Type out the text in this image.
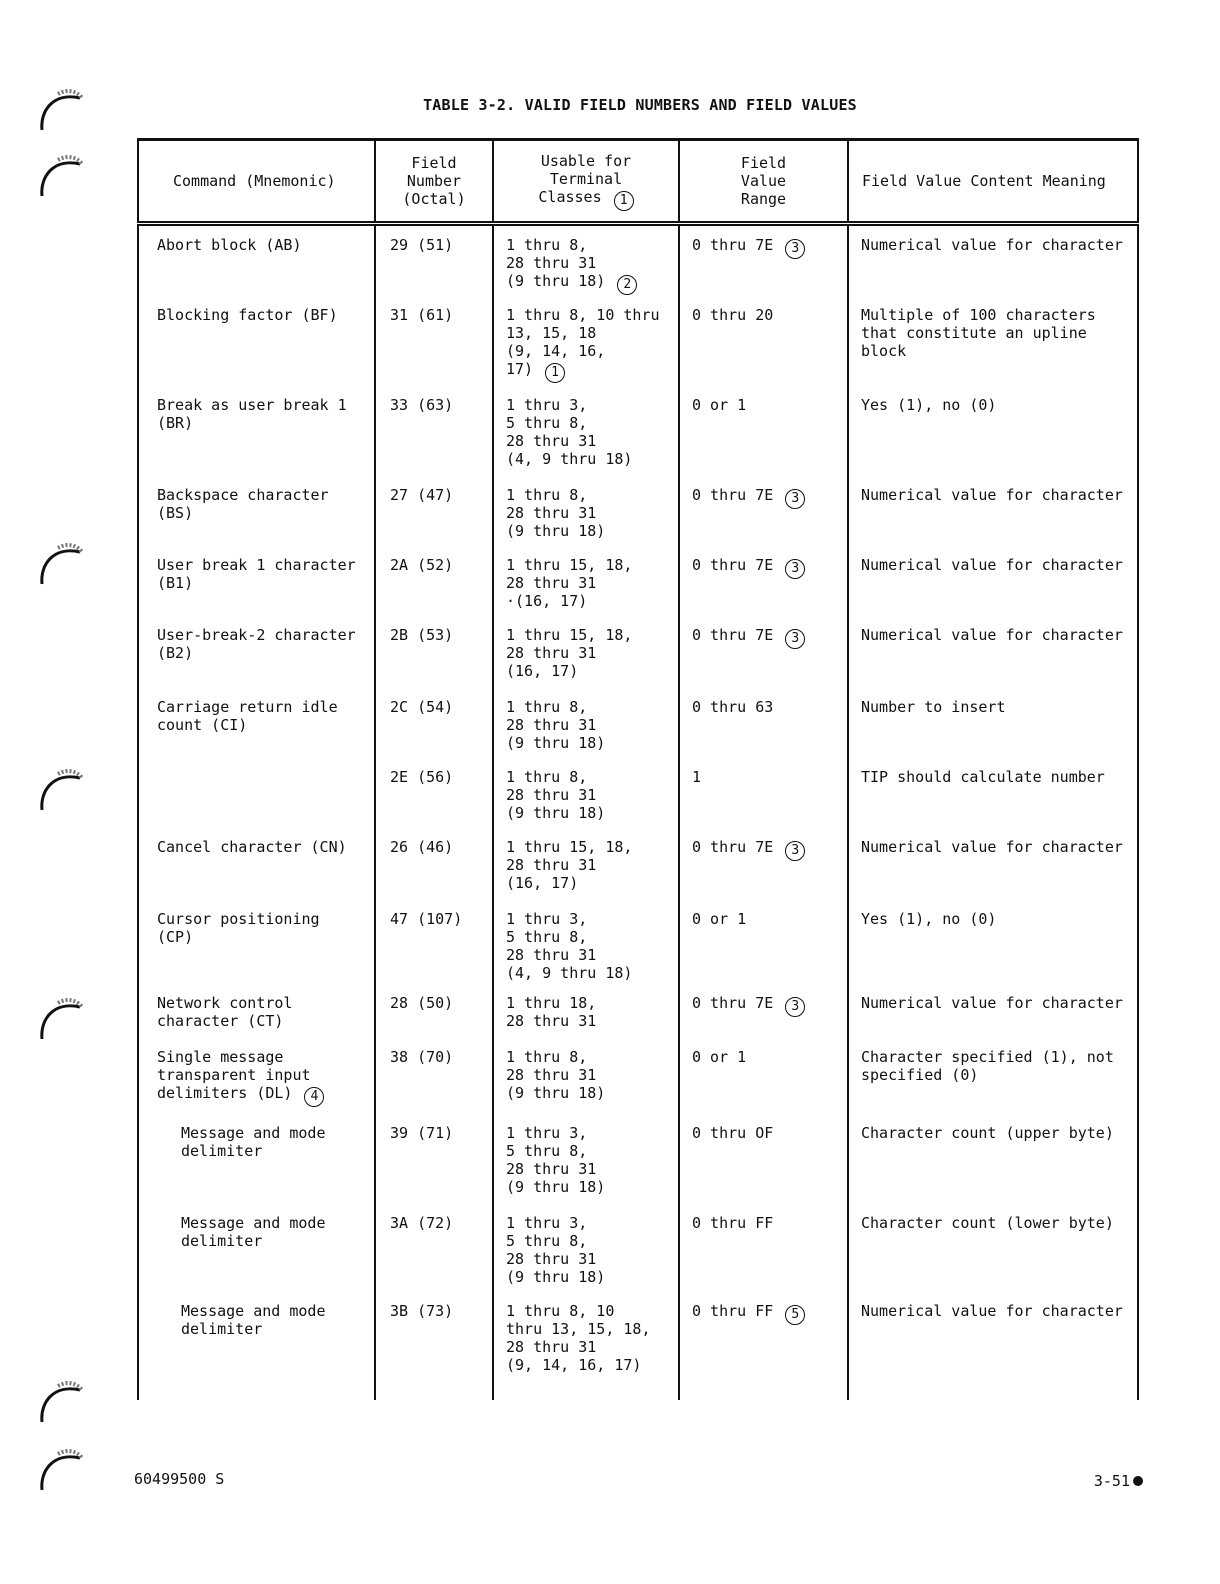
TABLE 3-2. VALID FIELD NUMBERS AND FIELD VALUES
Command (Mnemonic)	Field
Number
(Octal)	Usable for
Terminal
Classes 1	Field
Value
Range	Field Value Content Meaning
Abort block (AB)	29 (51)	1 thru 8,
28 thru 31
(9 thru 18) 2	0 thru 7E 3	Numerical value for character
Blocking factor (BF)	31 (61)	1 thru 8, 10 thru
13, 15, 18
(9, 14, 16,
17) 1	0 thru 20	Multiple of 100 characters
that constitute an upline
block
Break as user break 1
(BR)	33 (63)	1 thru 3,
5 thru 8,
28 thru 31
(4, 9 thru 18)	0 or 1	Yes (1), no (0)
Backspace character
(BS)	27 (47)	1 thru 8,
28 thru 31
(9 thru 18)	0 thru 7E 3	Numerical value for character
User break 1 character
(B1)	2A (52)	1 thru 15, 18,
28 thru 31
·(16, 17)	0 thru 7E 3	Numerical value for character
User-break-2 character
(B2)	2B (53)	1 thru 15, 18,
28 thru 31
(16, 17)	0 thru 7E 3	Numerical value for character
Carriage return idle
count (CI)	2C (54)	1 thru 8,
28 thru 31
(9 thru 18)	0 thru 63	Number to insert
	2E (56)	1 thru 8,
28 thru 31
(9 thru 18)	1	TIP should calculate number
Cancel character (CN)	26 (46)	1 thru 15, 18,
28 thru 31
(16, 17)	0 thru 7E 3	Numerical value for character
Cursor positioning
(CP)	47 (107)	1 thru 3,
5 thru 8,
28 thru 31
(4, 9 thru 18)	0 or 1	Yes (1), no (0)
Network control
character (CT)	28 (50)	1 thru 18,
28 thru 31	0 thru 7E 3	Numerical value for character
Single message
transparent input
delimiters (DL) 4	38 (70)	1 thru 8,
28 thru 31
(9 thru 18)	0 or 1	Character specified (1), not
specified (0)
Message and mode
delimiter	39 (71)	1 thru 3,
5 thru 8,
28 thru 31
(9 thru 18)	0 thru OF	Character count (upper byte)
Message and mode
delimiter	3A (72)	1 thru 3,
5 thru 8,
28 thru 31
(9 thru 18)	0 thru FF	Character count (lower byte)
Message and mode
delimiter	3B (73)	1 thru 8, 10
thru 13, 15, 18,
28 thru 31
(9, 14, 16, 17)	0 thru FF 5	Numerical value for character
60499500 S	3-51
